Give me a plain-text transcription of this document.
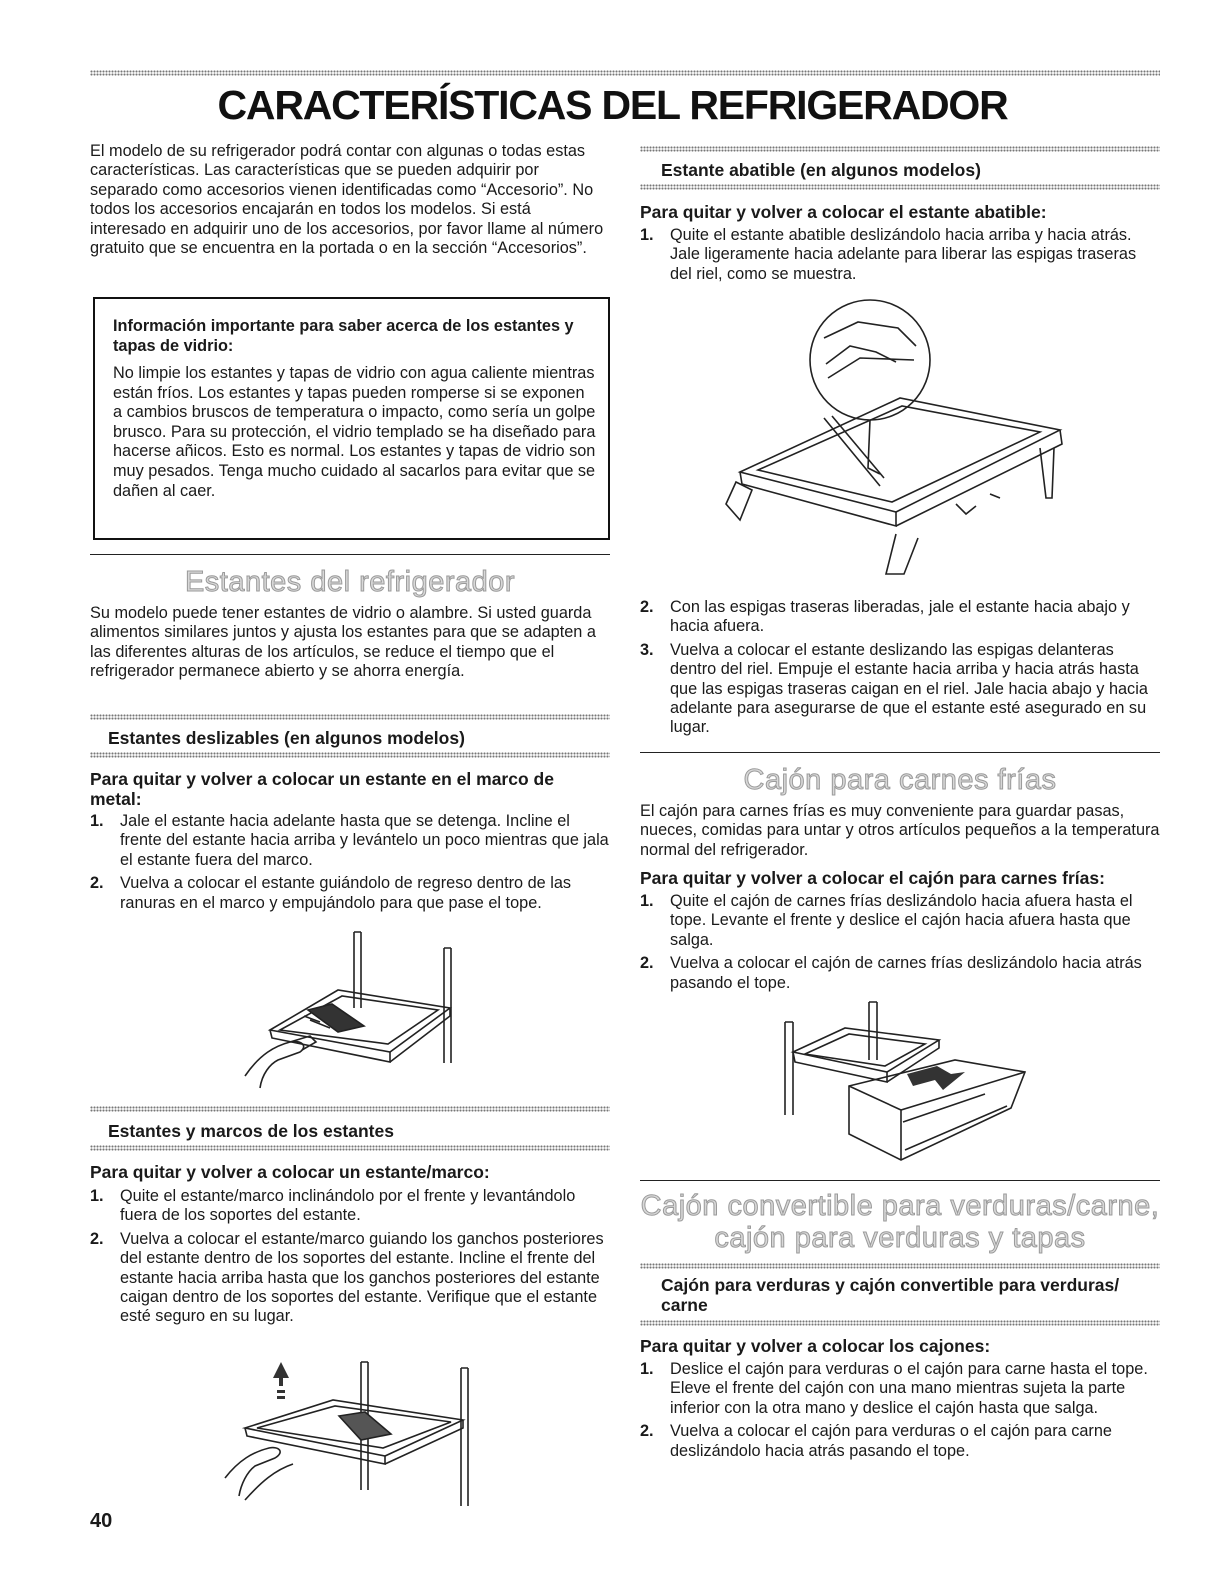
CARACTERÍSTICAS DEL REFRIGERADOR

El modelo de su refrigerador podrá contar con algunas o todas estas características. Las características que se pueden adquirir por separado como accesorios vienen identificadas como “Accesorio”. No todos los accesorios encajarán en todos los modelos. Si está interesado en adquirir uno de los accesorios, por favor llame al número gratuito que se encuentra en la portada o en la sección “Accesorios”.

Información importante para saber acerca de los estantes y tapas de vidrio:

No limpie los estantes y tapas de vidrio con agua caliente mientras están fríos. Los estantes y tapas pueden romperse si se exponen a cambios bruscos de temperatura o impacto, como sería un golpe brusco. Para su protección, el vidrio templado se ha diseñado para hacerse añicos. Esto es normal. Los estantes y tapas de vidrio son muy pesados. Tenga mucho cuidado al sacarlos para evitar que se dañen al caer.

Estantes del refrigerador

Su modelo puede tener estantes de vidrio o alambre. Si usted guarda alimentos similares juntos y ajusta los estantes para que se adapten a las diferentes alturas de los artículos, se reduce el tiempo que el refrigerador permanece abierto y se ahorra energía.

Estantes deslizables (en algunos modelos)

Para quitar y volver a colocar un estante en el marco de metal:

1. Jale el estante hacia adelante hasta que se detenga. Incline el frente del estante hacia arriba y levántelo un poco mientras que jala el estante fuera del marco.
2. Vuelva a colocar el estante guiándolo de regreso dentro de las ranuras en el marco y empujándolo para que pase el tope.

Estantes y marcos de los estantes

Para quitar y volver a colocar un estante/marco:

1. Quite el estante/marco inclinándolo por el frente y levantándolo fuera de los soportes del estante.
2. Vuelva a colocar el estante/marco guiando los ganchos posteriores del estante dentro de los soportes del estante. Incline el frente del estante hacia arriba hasta que los ganchos posteriores del estante caigan dentro de los soportes del estante. Verifique que el estante esté seguro en su lugar.
40

Estante abatible (en algunos modelos)

Para quitar y volver a colocar el estante abatible:

1. Quite el estante abatible deslizándolo hacia arriba y hacia atrás. Jale ligeramente hacia adelante para liberar las espigas traseras del riel, como se muestra.
2. Con las espigas traseras liberadas, jale el estante hacia abajo y hacia afuera.
3. Vuelva a colocar el estante deslizando las espigas delanteras dentro del riel. Empuje el estante hacia arriba y hacia atrás hasta que las espigas traseras caigan en el riel. Jale hacia abajo y hacia adelante para asegurarse de que el estante esté asegurado en su lugar.
Cajón para carnes frías

El cajón para carnes frías es muy conveniente para guardar pasas, nueces, comidas para untar y otros artículos pequeños a la temperatura normal del refrigerador.

Para quitar y volver a colocar el cajón para carnes frías:

1. Quite el cajón de carnes frías deslizándolo hacia afuera hasta el tope. Levante el frente y deslice el cajón hacia afuera hasta que salga.
2. Vuelva a colocar el cajón de carnes frías deslizándolo hacia atrás pasando el tope.
Cajón convertible para verduras/carne,
cajón para verduras y tapas

Cajón para verduras y cajón convertible para verduras/ carne

Para quitar y volver a colocar los cajones:

1. Deslice el cajón para verduras o el cajón para carne hasta el tope. Eleve el frente del cajón con una mano mientras sujeta la parte inferior con la otra mano y deslice el cajón hasta que salga.
2. Vuelva a colocar el cajón para verduras o el cajón para carne deslizándolo hacia atrás pasando el tope.
